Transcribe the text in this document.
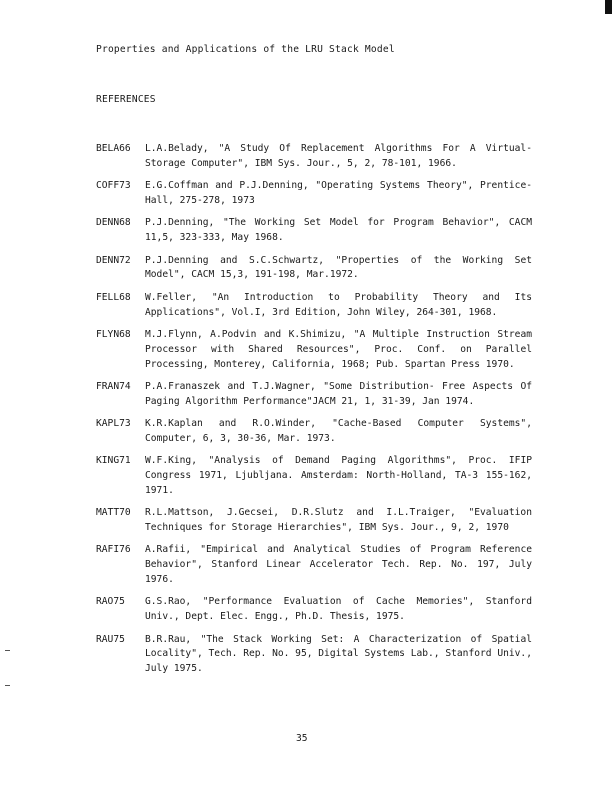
Properties and Applications of the LRU Stack Model
REFERENCES
BELA66	L.A.Belady, "A Study Of Replacement Algorithms For A Virtual-Storage Computer", IBM Sys. Jour., 5, 2, 78-101, 1966.
COFF73	E.G.Coffman and P.J.Denning, "Operating Systems Theory", Prentice-Hall, 275-278, 1973
DENN68	P.J.Denning, "The Working Set Model for Program Behavior", CACM 11,5, 323-333, May 1968.
DENN72	P.J.Denning and S.C.Schwartz, "Properties of the Working Set Model", CACM 15,3, 191-198, Mar.1972.
FELL68	W.Feller, "An Introduction to Probability Theory and Its Applications", Vol.I, 3rd Edition, John Wiley, 264-301, 1968.
FLYN68	M.J.Flynn, A.Podvin and K.Shimizu, "A Multiple Instruction Stream Processor with Shared Resources", Proc. Conf. on Parallel Processing, Monterey, California, 1968; Pub. Spartan Press 1970.
FRAN74	P.A.Franaszek and T.J.Wagner, "Some Distribution- Free Aspects Of Paging Algorithm Performance"JACM 21, 1, 31-39, Jan 1974.
KAPL73	K.R.Kaplan and R.O.Winder, "Cache-Based Computer Systems", Computer, 6, 3, 30-36, Mar. 1973.
KING71	W.F.King, "Analysis of Demand Paging Algorithms", Proc. IFIP Congress 1971, Ljubljana. Amsterdam: North-Holland, TA-3 155-162, 1971.
MATT70	R.L.Mattson, J.Gecsei, D.R.Slutz and I.L.Traiger, "Evaluation Techniques for Storage Hierarchies", IBM Sys. Jour., 9, 2, 1970
RAFI76	A.Rafii, "Empirical and Analytical Studies of Program Reference Behavior", Stanford Linear Accelerator Tech. Rep. No. 197, July 1976.
RAO75	G.S.Rao, "Performance Evaluation of Cache Memories", Stanford Univ., Dept. Elec. Engg., Ph.D. Thesis, 1975.
RAU75	B.R.Rau, "The Stack Working Set: A Characterization of Spatial Locality", Tech. Rep. No. 95, Digital Systems Lab., Stanford Univ., July 1975.
35
